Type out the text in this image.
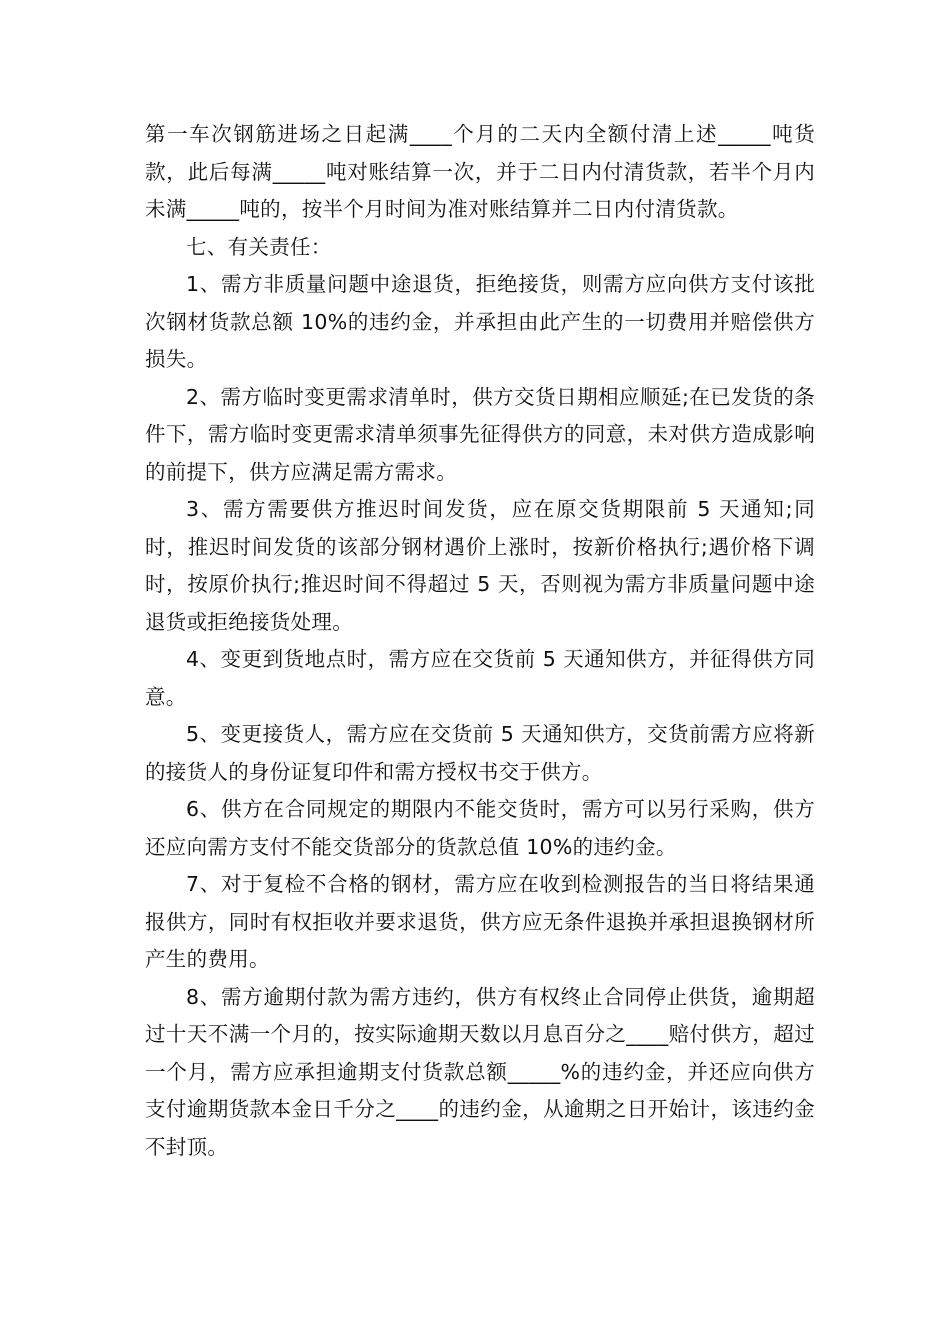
第一车次钢筋进场之日起满____个月的二天内全额付清上述_____吨货款，此后每满_____吨对账结算一次，并于二日内付清货款，若半个月内未满_____吨的，按半个月时间为准对账结算并二日内付清货款。

七、有关责任：

1、需方非质量问题中途退货，拒绝接货，则需方应向供方支付该批次钢材货款总额 10%的违约金，并承担由此产生的一切费用并赔偿供方损失。

2、需方临时变更需求清单时，供方交货日期相应顺延;在已发货的条件下，需方临时变更需求清单须事先征得供方的同意，未对供方造成影响的前提下，供方应满足需方需求。

3、需方需要供方推迟时间发货，应在原交货期限前 5 天通知;同时，推迟时间发货的该部分钢材遇价上涨时，按新价格执行;遇价格下调时，按原价执行;推迟时间不得超过 5 天，否则视为需方非质量问题中途退货或拒绝接货处理。

4、变更到货地点时，需方应在交货前 5 天通知供方，并征得供方同意。

5、变更接货人，需方应在交货前 5 天通知供方，交货前需方应将新的接货人的身份证复印件和需方授权书交于供方。

6、供方在合同规定的期限内不能交货时，需方可以另行采购，供方还应向需方支付不能交货部分的货款总值 10%的违约金。

7、对于复检不合格的钢材，需方应在收到检测报告的当日将结果通报供方，同时有权拒收并要求退货，供方应无条件退换并承担退换钢材所产生的费用。

8、需方逾期付款为需方违约，供方有权终止合同停止供货，逾期超过十天不满一个月的，按实际逾期天数以月息百分之____赔付供方，超过一个月，需方应承担逾期支付货款总额_____%的违约金，并还应向供方支付逾期货款本金日千分之____的违约金，从逾期之日开始计，该违约金不封顶。
